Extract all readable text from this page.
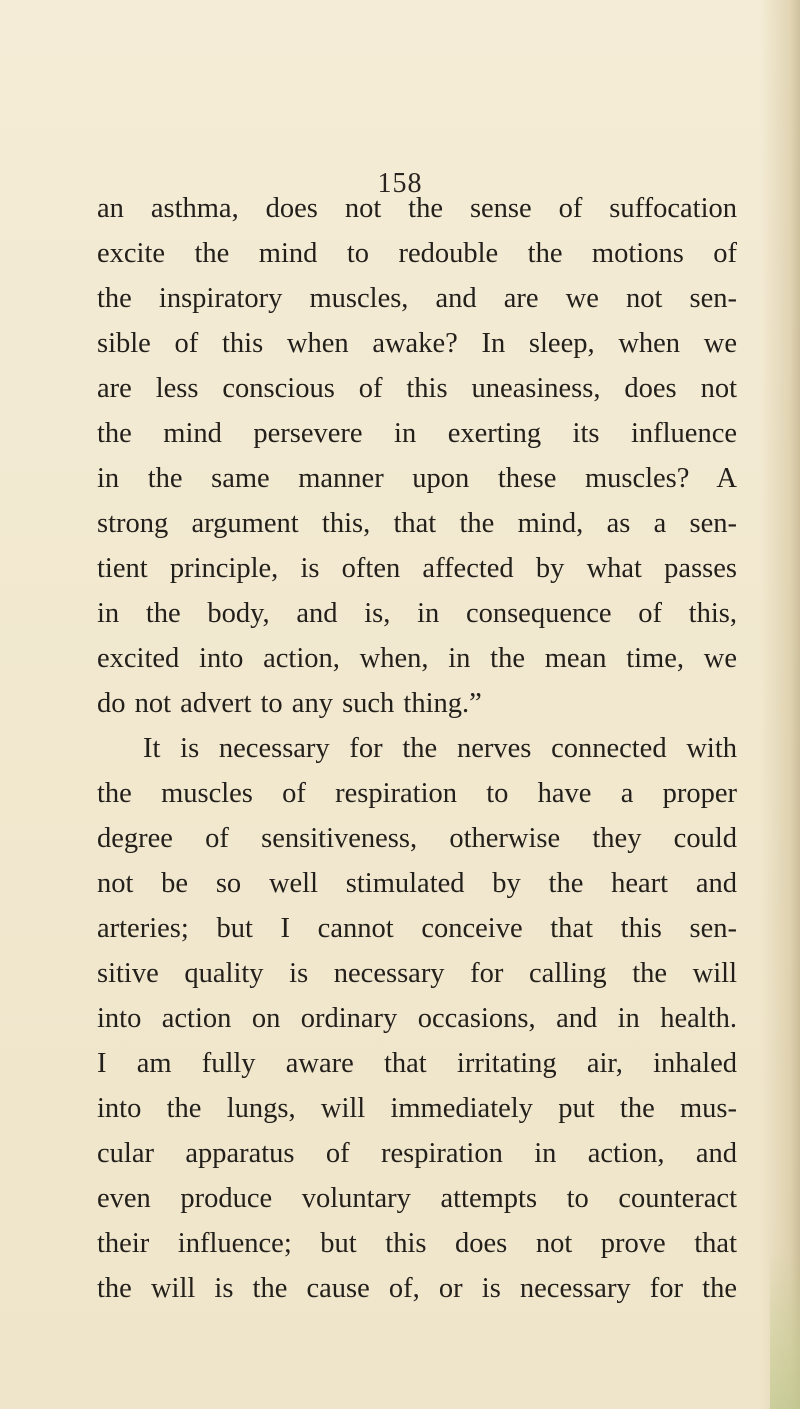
158
an asthma, does not the sense of suffocation
excite the mind to redouble the motions of
the inspiratory muscles, and are we not sen-
sible of this when awake? In sleep, when we
are less conscious of this uneasiness, does not
the mind persevere in exerting its influence
in the same manner upon these muscles? A
strong argument this, that the mind, as a sen-
tient principle, is often affected by what passes
in the body, and is, in consequence of this,
excited into action, when, in the mean time, we
do not advert to any such thing.”
It is necessary for the nerves connected with
the muscles of respiration to have a proper
degree of sensitiveness, otherwise they could
not be so well stimulated by the heart and
arteries; but I cannot conceive that this sen-
sitive quality is necessary for calling the will
into action on ordinary occasions, and in health.
I am fully aware that irritating air, inhaled
into the lungs, will immediately put the mus-
cular apparatus of respiration in action, and
even produce voluntary attempts to counteract
their influence; but this does not prove that
the will is the cause of, or is necessary for the
